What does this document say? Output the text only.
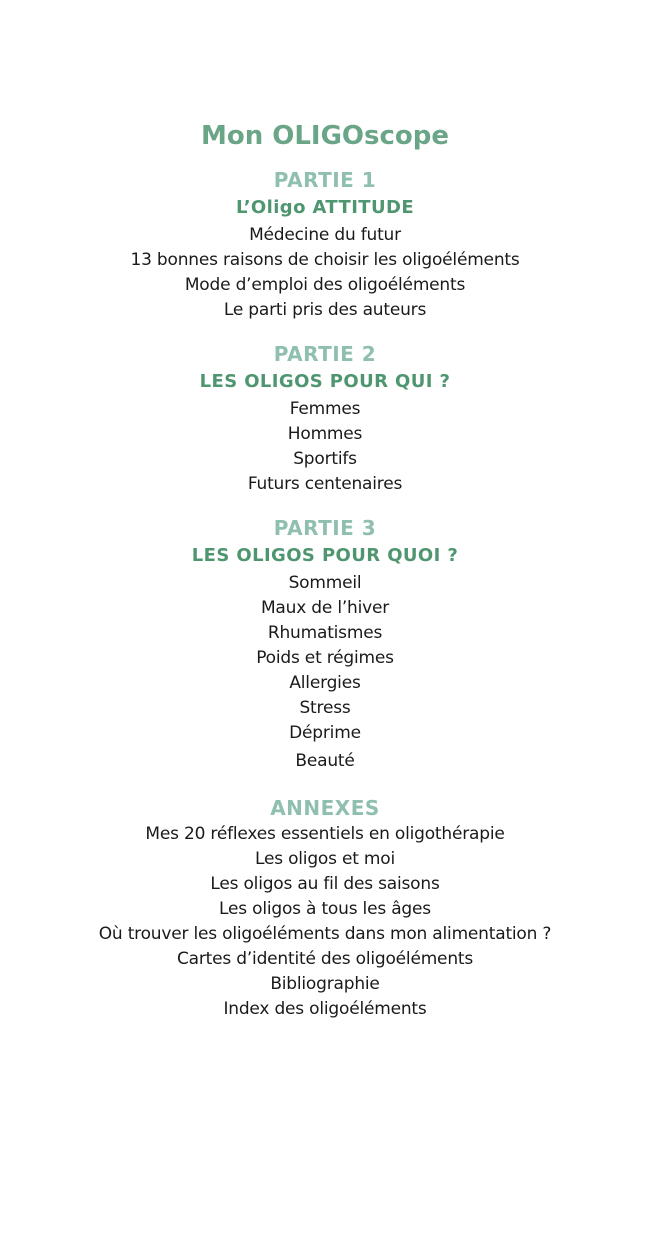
Mon OLIGOscope
PARTIE 1
L’Oligo ATTITUDE
Médecine du futur
13 bonnes raisons de choisir les oligoéléments
Mode d’emploi des oligoéléments
Le parti pris des auteurs
PARTIE 2
LES OLIGOS POUR QUI ?
Femmes
Hommes
Sportifs
Futurs centenaires
PARTIE 3
LES OLIGOS POUR QUOI ?
Sommeil
Maux de l’hiver
Rhumatismes
Poids et régimes
Allergies
Stress
Déprime
Beauté
ANNEXES
Mes 20 réflexes essentiels en oligothérapie
Les oligos et moi
Les oligos au fil des saisons
Les oligos à tous les âges
Où trouver les oligoéléments dans mon alimentation ?
Cartes d’identité des oligoéléments
Bibliographie
Index des oligoéléments
